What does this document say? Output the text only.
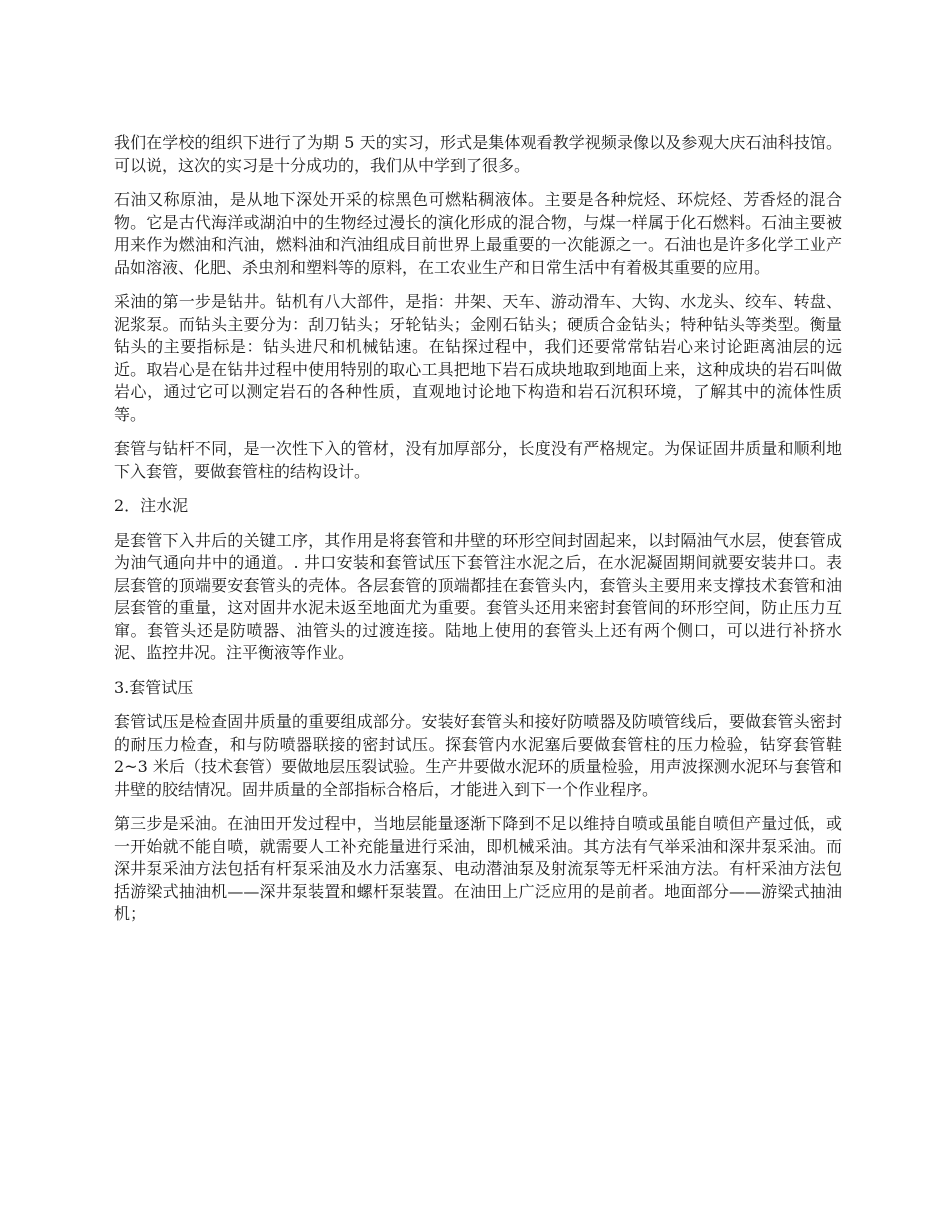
我们在学校的组织下进行了为期 5 天的实习，形式是集体观看教学视频录像以及参观大庆石油科技馆。可以说，这次的实习是十分成功的，我们从中学到了很多。

石油又称原油，是从地下深处开采的棕黑色可燃粘稠液体。主要是各种烷烃、环烷烃、芳香烃的混合物。它是古代海洋或湖泊中的生物经过漫长的演化形成的混合物，与煤一样属于化石燃料。石油主要被用来作为燃油和汽油，燃料油和汽油组成目前世界上最重要的一次能源之一。石油也是许多化学工业产品如溶液、化肥、杀虫剂和塑料等的原料，在工农业生产和日常生活中有着极其重要的应用。

采油的第一步是钻井。钻机有八大部件，是指：井架、天车、游动滑车、大钩、水龙头、绞车、转盘、泥浆泵。而钻头主要分为：刮刀钻头；牙轮钻头；金刚石钻头；硬质合金钻头；特种钻头等类型。衡量钻头的主要指标是：钻头进尺和机械钻速。在钻探过程中，我们还要常常钻岩心来讨论距离油层的远近。取岩心是在钻井过程中使用特别的取心工具把地下岩石成块地取到地面上来，这种成块的岩石叫做岩心，通过它可以测定岩石的各种性质，直观地讨论地下构造和岩石沉积环境，了解其中的流体性质等。

套管与钻杆不同，是一次性下入的管材，没有加厚部分，长度没有严格规定。为保证固井质量和顺利地下入套管，要做套管柱的结构设计。

2．注水泥

是套管下入井后的关键工序，其作用是将套管和井壁的环形空间封固起来，以封隔油气水层，使套管成为油气通向井中的通道。. 井口安装和套管试压下套管注水泥之后，在水泥凝固期间就要安装井口。表层套管的顶端要安套管头的壳体。各层套管的顶端都挂在套管头内，套管头主要用来支撑技术套管和油层套管的重量，这对固井水泥未返至地面尤为重要。套管头还用来密封套管间的环形空间，防止压力互窜。套管头还是防喷器、油管头的过渡连接。陆地上使用的套管头上还有两个侧口，可以进行补挤水泥、监控井况。注平衡液等作业。

3.套管试压

套管试压是检查固井质量的重要组成部分。安装好套管头和接好防喷器及防喷管线后，要做套管头密封的耐压力检查，和与防喷器联接的密封试压。探套管内水泥塞后要做套管柱的压力检验，钻穿套管鞋 2~3 米后（技术套管）要做地层压裂试验。生产井要做水泥环的质量检验，用声波探测水泥环与套管和井壁的胶结情况。固井质量的全部指标合格后，才能进入到下一个作业程序。

第三步是采油。在油田开发过程中，当地层能量逐渐下降到不足以维持自喷或虽能自喷但产量过低，或一开始就不能自喷，就需要人工补充能量进行采油，即机械采油。其方法有气举采油和深井泵采油。而深井泵采油方法包括有杆泵采油及水力活塞泵、电动潜油泵及射流泵等无杆采油方法。有杆采油方法包括游梁式抽油机——深井泵装置和螺杆泵装置。在油田上广泛应用的是前者。地面部分——游梁式抽油机；
